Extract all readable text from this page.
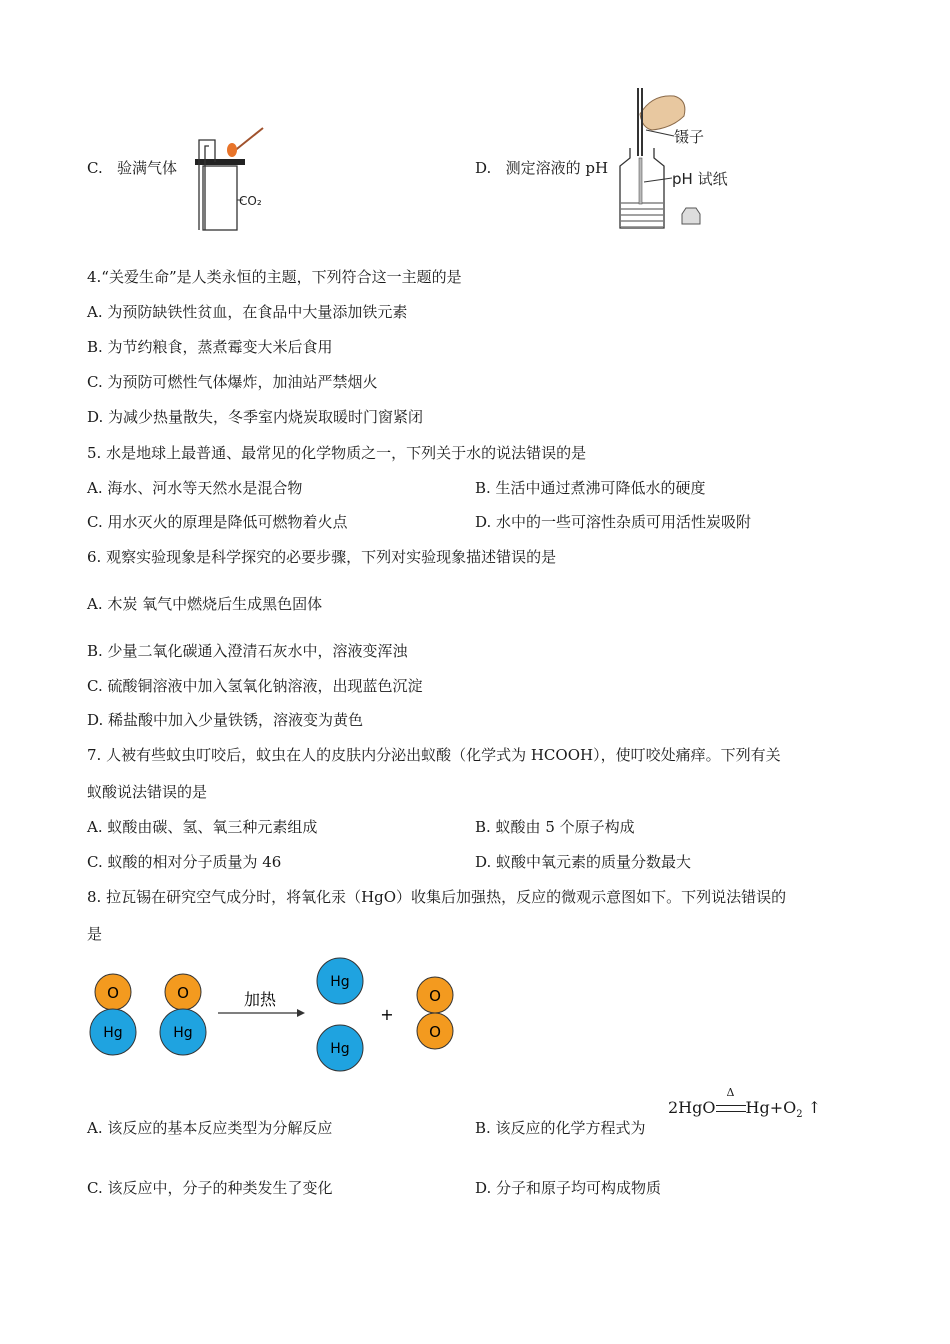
C. 验满气体
CO₂
D. 测定溶液的 pH
镊子
pH 试纸
4.“关爱生命”是人类永恒的主题，下列符合这一主题的是
A. 为预防缺铁性贫血，在食品中大量添加铁元素
B. 为节约粮食，蒸煮霉变大米后食用
C. 为预防可燃性气体爆炸，加油站严禁烟火
D. 为减少热量散失，冬季室内烧炭取暖时门窗紧闭
5. 水是地球上最普通、最常见的化学物质之一，下列关于水的说法错误的是
A. 海水、河水等天然水是混合物	B. 生活中通过煮沸可降低水的硬度
C. 用水灭火的原理是降低可燃物着火点	D. 水中的一些可溶性杂质可用活性炭吸附
6. 观察实验现象是科学探究的必要步骤，下列对实验现象描述错误的是
A. 木炭 氧气中燃烧后生成黑色固体
B. 少量二氧化碳通入澄清石灰水中，溶液变浑浊
C. 硫酸铜溶液中加入氢氧化钠溶液，出现蓝色沉淀
D. 稀盐酸中加入少量铁锈，溶液变为黄色
7. 人被有些蚊虫叮咬后，蚊虫在人的皮肤内分泌出蚁酸（化学式为 HCOOH），使叮咬处痛痒。下列有关
蚁酸说法错误的是
A. 蚁酸由碳、氢、氧三种元素组成	B. 蚁酸由 5 个原子构成
C. 蚁酸的相对分子质量为 46	D. 蚁酸中氧元素的质量分数最大
8. 拉瓦锡在研究空气成分时，将氧化汞（HgO）收集后加强热，反应的微观示意图如下。下列说法错误的
是
O
Hg
O
Hg
加热
Hg
Hg
+
O
O
A. 该反应的基本反应类型为分解反应	B. 该反应的化学方程式为
2HgO
Δ
$Hg+O_2$ ↑
C. 该反应中，分子的种类发生了变化	D. 分子和原子均可构成物质
